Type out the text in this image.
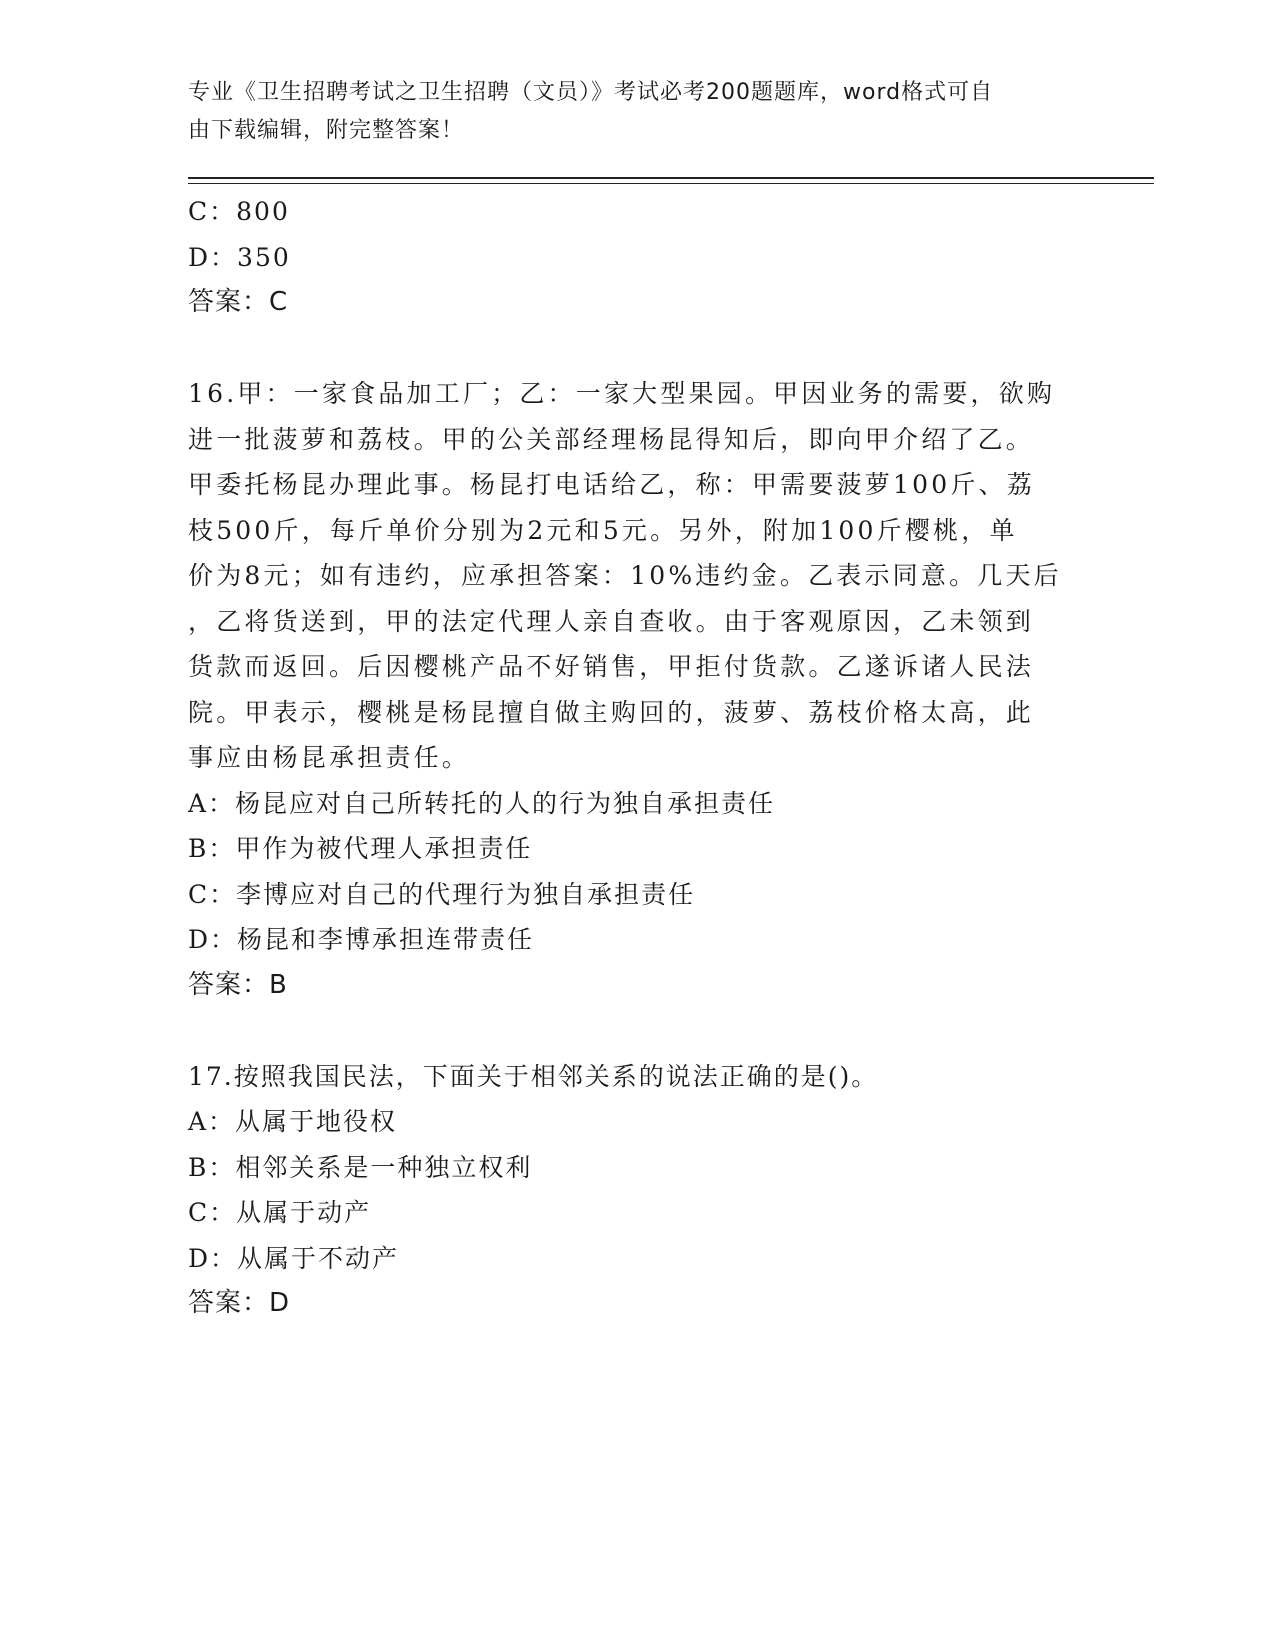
专业《卫生招聘考试之卫生招聘（文员）》考试必考200题题库，word格式可自
由下载编辑，附完整答案！
C：800
D：350
答案：C
16.甲：一家食品加工厂；乙：一家大型果园。甲因业务的需要，欲购
进一批菠萝和荔枝。甲的公关部经理杨昆得知后，即向甲介绍了乙。
甲委托杨昆办理此事。杨昆打电话给乙，称：甲需要菠萝100斤、荔
枝500斤，每斤单价分别为2元和5元。另外，附加100斤樱桃，单
价为8元；如有违约，应承担答案：10%违约金。乙表示同意。几天后
，乙将货送到，甲的法定代理人亲自查收。由于客观原因，乙未领到
货款而返回。后因樱桃产品不好销售，甲拒付货款。乙遂诉诸人民法
院。甲表示，樱桃是杨昆擅自做主购回的，菠萝、荔枝价格太高，此
事应由杨昆承担责任。
A：杨昆应对自己所转托的人的行为独自承担责任
B：甲作为被代理人承担责任
C：李博应对自己的代理行为独自承担责任
D：杨昆和李博承担连带责任
答案：B
17.按照我国民法，下面关于相邻关系的说法正确的是()。
A：从属于地役权
B：相邻关系是一种独立权利
C：从属于动产
D：从属于不动产
答案：D
